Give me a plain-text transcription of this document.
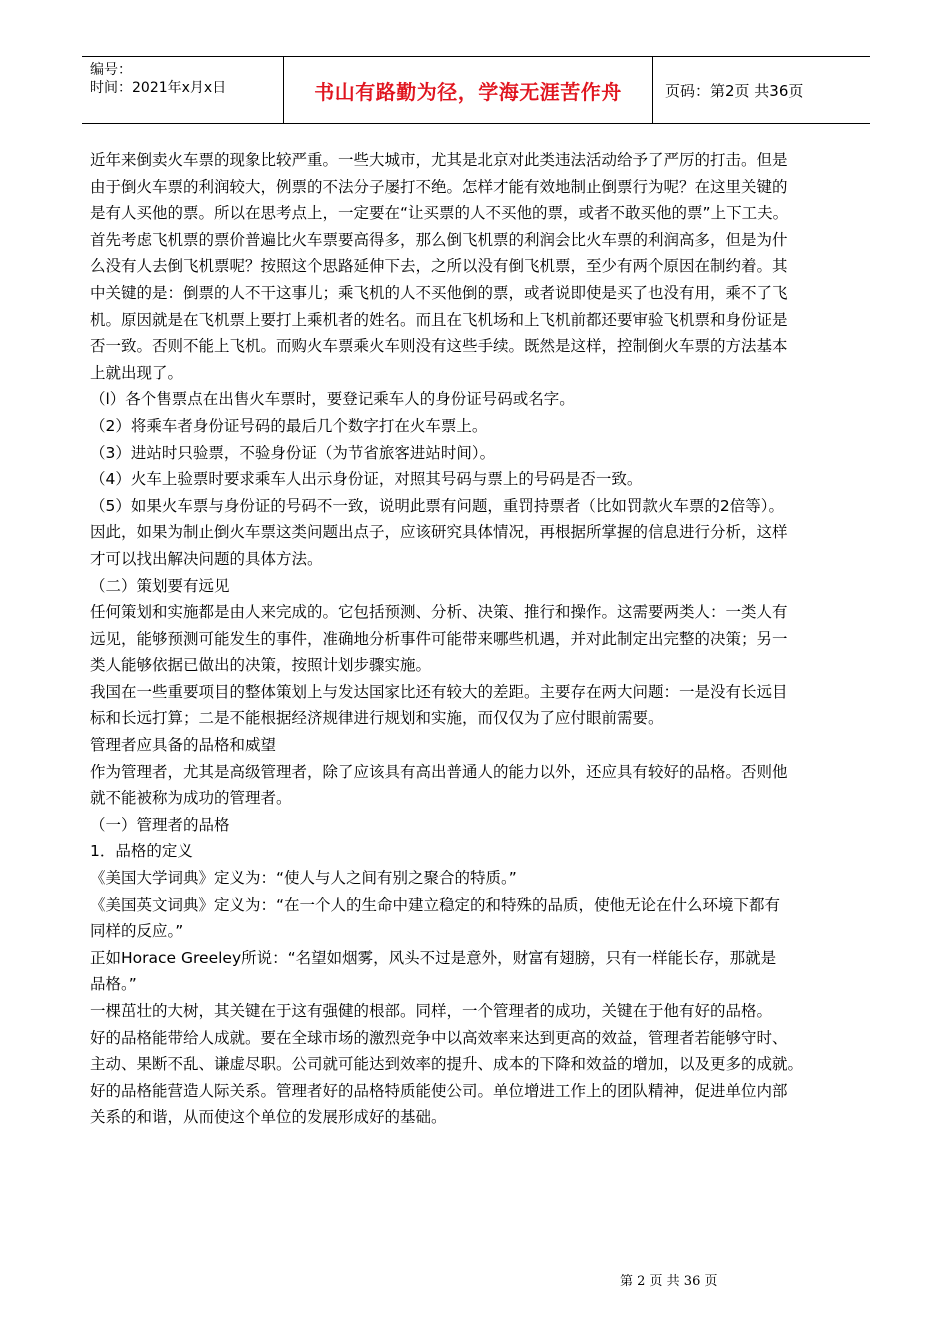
编号：
时间：2021年x月x日	书山有路勤为径，学海无涯苦作舟	页码：第2页 共36页

近年来倒卖火车票的现象比较严重。一些大城市，尤其是北京对此类违法活动给予了严厉的打击。但是

由于倒火车票的利润较大，例票的不法分子屡打不绝。怎样才能有效地制止倒票行为呢？在这里关键的

是有人买他的票。所以在思考点上，一定要在“让买票的人不买他的票，或者不敢买他的票”上下工夫。

首先考虑飞机票的票价普遍比火车票要高得多，那么倒飞机票的利润会比火车票的利润高多，但是为什

么没有人去倒飞机票呢？按照这个思路延伸下去，之所以没有倒飞机票，至少有两个原因在制约着。其

中关键的是：倒票的人不干这事儿；乘飞机的人不买他倒的票，或者说即使是买了也没有用，乘不了飞

机。原因就是在飞机票上要打上乘机者的姓名。而且在飞机场和上飞机前都还要审验飞机票和身份证是

否一致。否则不能上飞机。而购火车票乘火车则没有这些手续。既然是这样，控制倒火车票的方法基本

上就出现了。

（l）各个售票点在出售火车票时，要登记乘车人的身份证号码或名字。

（2）将乘车者身份证号码的最后几个数字打在火车票上。

（3）进站时只验票，不验身份证（为节省旅客进站时间）。

（4）火车上验票时要求乘车人出示身份证，对照其号码与票上的号码是否一致。

（5）如果火车票与身份证的号码不一致，说明此票有问题，重罚持票者（比如罚款火车票的2倍等）。

因此，如果为制止倒火车票这类问题出点子，应该研究具体情况，再根据所掌握的信息进行分析，这样

才可以找出解决问题的具体方法。

（二）策划要有远见

任何策划和实施都是由人来完成的。它包括预测、分析、决策、推行和操作。这需要两类人：一类人有

远见，能够预测可能发生的事件，准确地分析事件可能带来哪些机遇，并对此制定出完整的决策；另一

类人能够依据已做出的决策，按照计划步骤实施。

我国在一些重要项目的整体策划上与发达国家比还有较大的差距。主要存在两大问题：一是没有长远目

标和长远打算；二是不能根据经济规律进行规划和实施，而仅仅为了应付眼前需要。

管理者应具备的品格和威望

作为管理者，尤其是高级管理者，除了应该具有高出普通人的能力以外，还应具有较好的品格。否则他

就不能被称为成功的管理者。

（一）管理者的品格

1．品格的定义

《美国大学词典》定义为：“使人与人之间有别之聚合的特质。”

《美国英文词典》定义为：“在一个人的生命中建立稳定的和特殊的品质，使他无论在什么环境下都有

同样的反应。”

正如Horace Greeley所说：“名望如烟雾，风头不过是意外，财富有翅膀，只有一样能长存，那就是

品格。”

一棵茁壮的大树，其关键在于这有强健的根部。同样，一个管理者的成功，关键在于他有好的品格。

好的品格能带给人成就。要在全球市场的激烈竞争中以高效率来达到更高的效益，管理者若能够守时、

主动、果断不乱、谦虚尽职。公司就可能达到效率的提升、成本的下降和效益的增加，以及更多的成就。

好的品格能营造人际关系。管理者好的品格特质能使公司。单位增进工作上的团队精神，促进单位内部

关系的和谐，从而使这个单位的发展形成好的基础。

第 2 页 共 36 页
